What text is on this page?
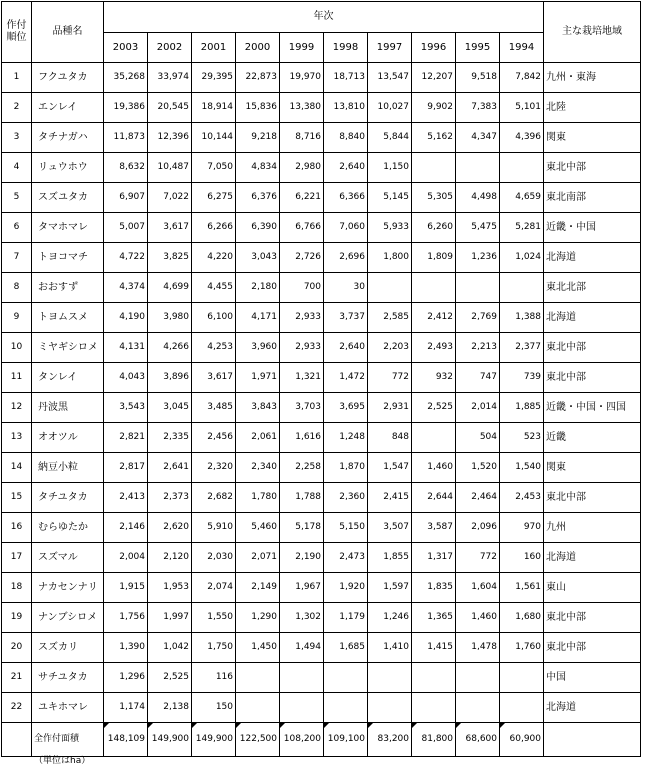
作付
順位	品種名	年次										主な栽培地域
		2003	2002	2001	2000	1999	1998	1997	1996	1995	1994	
1	フクユタカ	35,268	33,974	29,395	22,873	19,970	18,713	13,547	12,207	9,518	7,842	九州・東海
2	エンレイ	19,386	20,545	18,914	15,836	13,380	13,810	10,027	9,902	7,383	5,101	北陸
3	タチナガハ	11,873	12,396	10,144	9,218	8,716	8,840	5,844	5,162	4,347	4,396	関東
4	リュウホウ	8,632	10,487	7,050	4,834	2,980	2,640	1,150				東北中部
5	スズユタカ	6,907	7,022	6,275	6,376	6,221	6,366	5,145	5,305	4,498	4,659	東北南部
6	タマホマレ	5,007	3,617	6,266	6,390	6,766	7,060	5,933	6,260	5,475	5,281	近畿・中国
7	トヨコマチ	4,722	3,825	4,220	3,043	2,726	2,696	1,800	1,809	1,236	1,024	北海道
8	おおすず	4,374	4,699	4,455	2,180	700	30					東北北部
9	トヨムスメ	4,190	3,980	6,100	4,171	2,933	3,737	2,585	2,412	2,769	1,388	北海道
10	ミヤギシロメ	4,131	4,266	4,253	3,960	2,933	2,640	2,203	2,493	2,213	2,377	東北中部
11	タンレイ	4,043	3,896	3,617	1,971	1,321	1,472	772	932	747	739	東北中部
12	丹波黒	3,543	3,045	3,485	3,843	3,703	3,695	2,931	2,525	2,014	1,885	近畿・中国・四国
13	オオツル	2,821	2,335	2,456	2,061	1,616	1,248	848		504	523	近畿
14	納豆小粒	2,817	2,641	2,320	2,340	2,258	1,870	1,547	1,460	1,520	1,540	関東
15	タチユタカ	2,413	2,373	2,682	1,780	1,788	2,360	2,415	2,644	2,464	2,453	東北中部
16	むらゆたか	2,146	2,620	5,910	5,460	5,178	5,150	3,507	3,587	2,096	970	九州
17	スズマル	2,004	2,120	2,030	2,071	2,190	2,473	1,855	1,317	772	160	北海道
18	ナカセンナリ	1,915	1,953	2,074	2,149	1,967	1,920	1,597	1,835	1,604	1,561	東山
19	ナンブシロメ	1,756	1,997	1,550	1,290	1,302	1,179	1,246	1,365	1,460	1,680	東北中部
20	スズカリ	1,390	1,042	1,750	1,450	1,494	1,685	1,410	1,415	1,478	1,760	東北中部
21	サチユタカ	1,296	2,525	116								中国
22	ユキホマレ	1,174	2,138	150								北海道
	全作付面積	148,109	149,900	149,900	122,500	108,200	109,100	83,200	81,800	68,600	60,900	
（単位はha）
